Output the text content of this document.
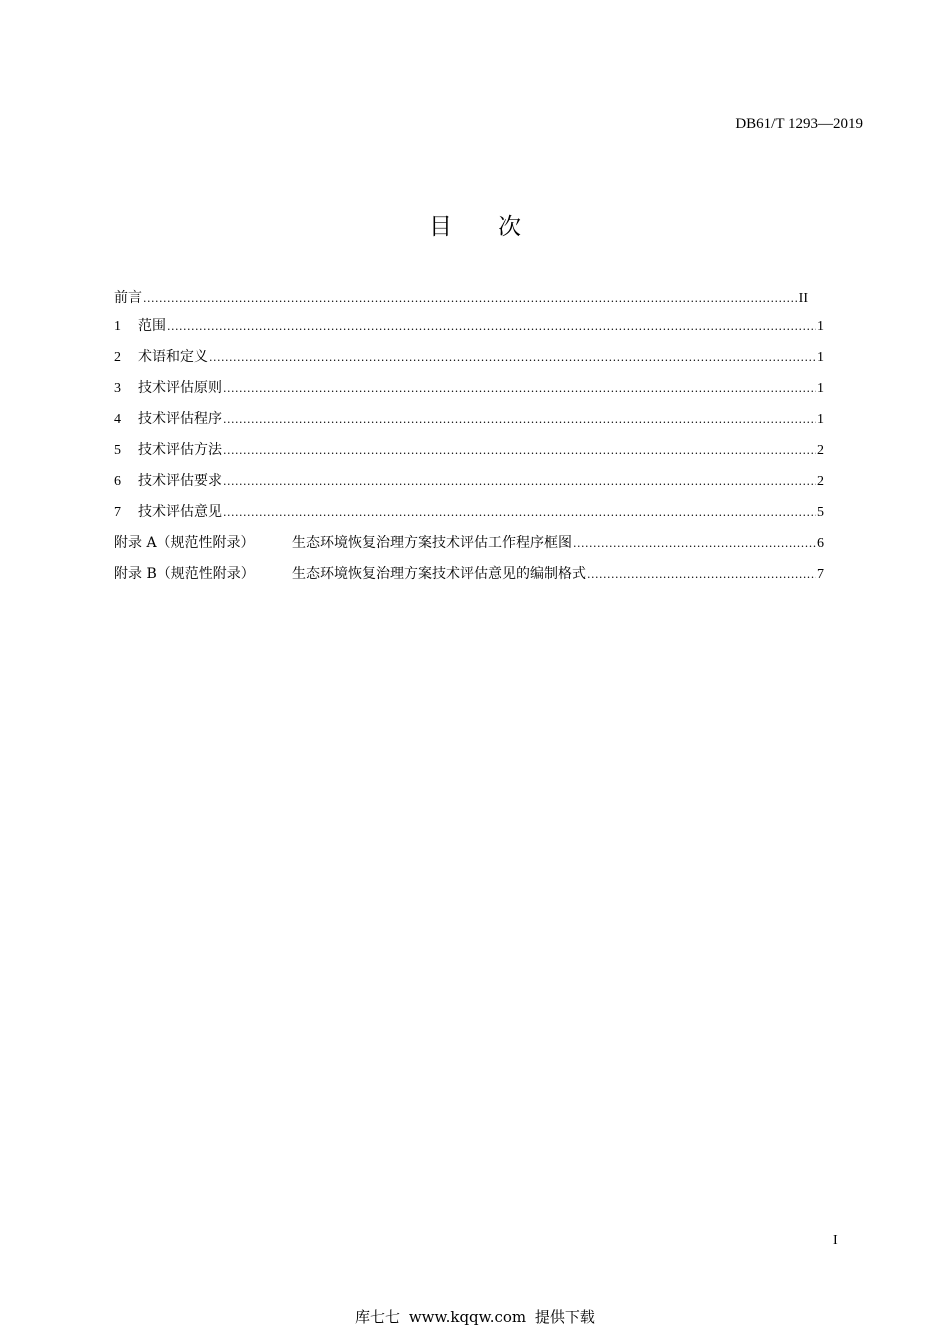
DB61/T 1293—2019
目 次
前言 .....	II
1	范围 .....	1
2	术语和定义 .....	1
3	技术评估原则 .....	1
4	技术评估程序 .....	1
5	技术评估方法 .....	2
6	技术评估要求 .....	2
7	技术评估意见 .....	5
附录 A（规范性附录）	生态环境恢复治理方案技术评估工作程序框图 .....	6
附录 B（规范性附录）	生态环境恢复治理方案技术评估意见的编制格式 .....	7
I
库七七 www.kqqw.com 提供下载
